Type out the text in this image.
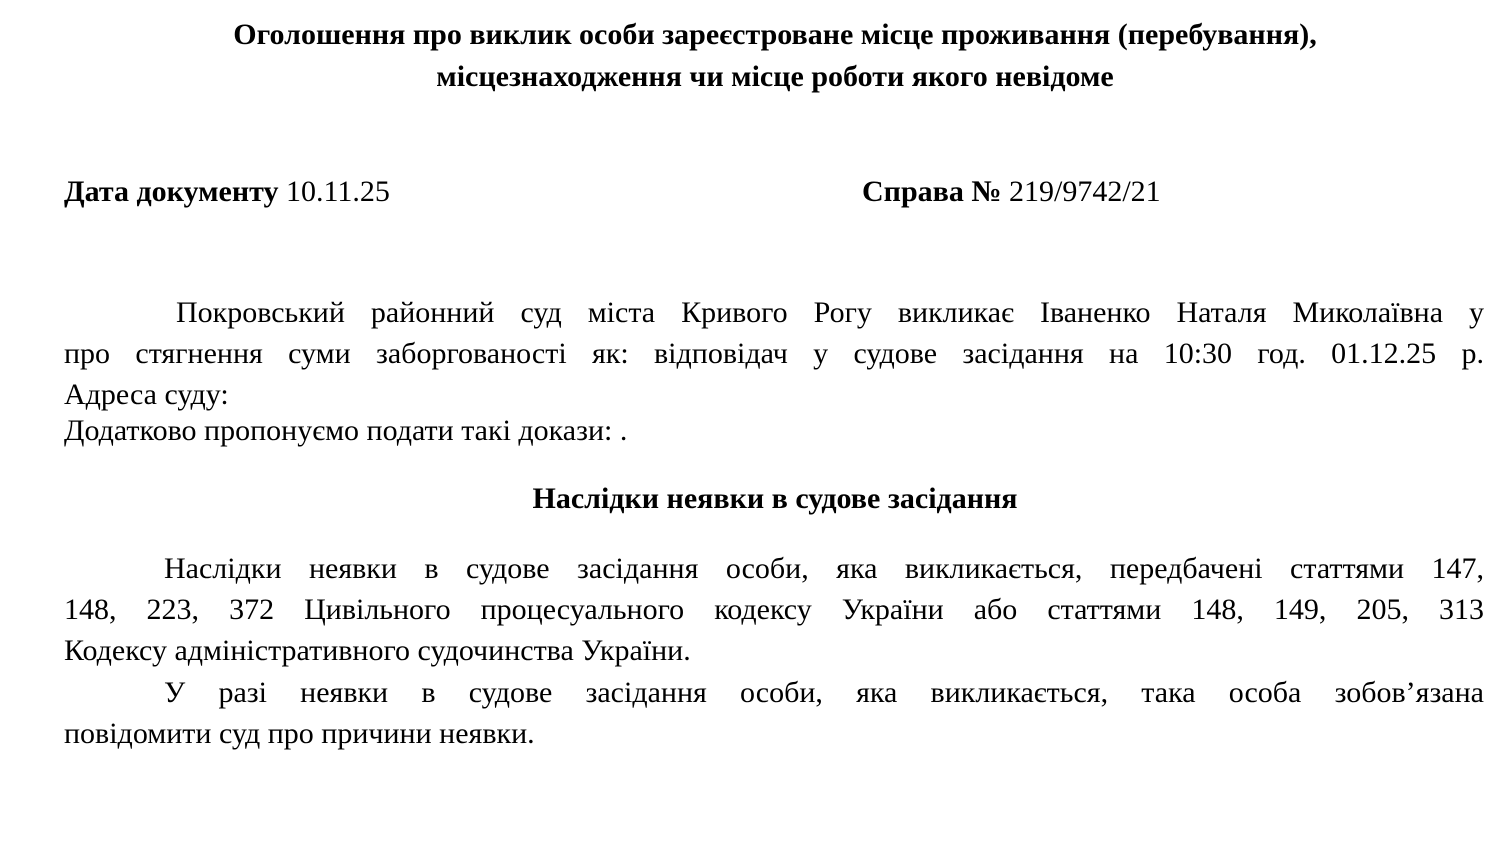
Оголошення про виклик особи зареєстроване місце проживання (перебування),
місцезнаходження чи місце роботи якого невідоме
Дата документу 10.11.25	Справа № 219/9742/21
Покровський районний суд міста Кривого Рогу викликає Іваненко Наталя Миколаївна у
про стягнення суми заборгованості як: відповідач у судове засідання на 10:30 год. 01.12.25 р.
Адреса суду:
Додатково пропонуємо подати такі докази: .
Наслідки неявки в судове засідання
Наслідки неявки в судове засідання особи, яка викликається, передбачені статтями 147,
148, 223, 372 Цивільного процесуального кодексу України або статтями 148, 149, 205, 313
Кодексу адміністративного судочинства України.
У разі неявки в судове засідання особи, яка викликається, така особа зобов’язана
повідомити суд про причини неявки.
